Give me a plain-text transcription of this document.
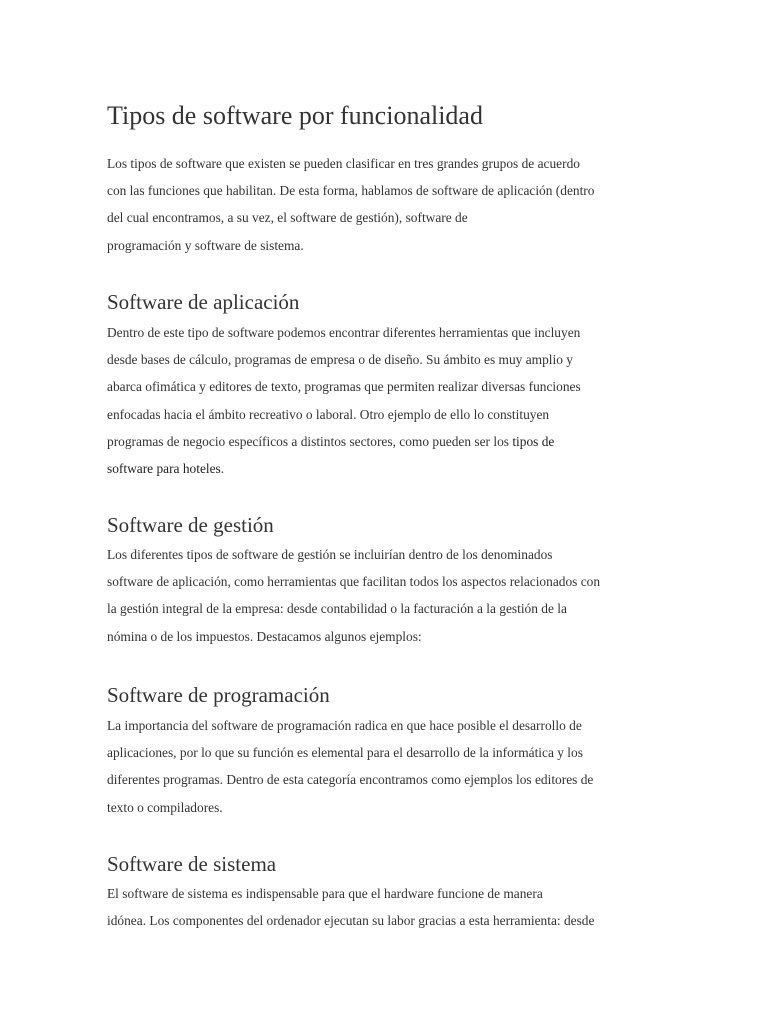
Tipos de software por funcionalidad

Los tipos de software que existen se pueden clasificar en tres grandes grupos de acuerdo
con las funciones que habilitan. De esta forma, hablamos de software de aplicación (dentro
del cual encontramos, a su vez, el software de gestión), software de
programación y software de sistema.

Software de aplicación

Dentro de este tipo de software podemos encontrar diferentes herramientas que incluyen
desde bases de cálculo, programas de empresa o de diseño. Su ámbito es muy amplio y
abarca ofimática y editores de texto, programas que permiten realizar diversas funciones
enfocadas hacia el ámbito recreativo o laboral. Otro ejemplo de ello lo constituyen
programas de negocio específicos a distintos sectores, como pueden ser los tipos de
software para hoteles.

Software de gestión

Los diferentes tipos de software de gestión se incluirían dentro de los denominados
software de aplicación, como herramientas que facilitan todos los aspectos relacionados con
la gestión integral de la empresa: desde contabilidad o la facturación a la gestión de la
nómina o de los impuestos. Destacamos algunos ejemplos:

Software de programación

La importancia del software de programación radica en que hace posible el desarrollo de
aplicaciones, por lo que su función es elemental para el desarrollo de la informática y los
diferentes programas. Dentro de esta categoría encontramos como ejemplos los editores de
texto o compiladores.

Software de sistema

El software de sistema es indispensable para que el hardware funcione de manera
idónea. Los componentes del ordenador ejecutan su labor gracias a esta herramienta: desde
